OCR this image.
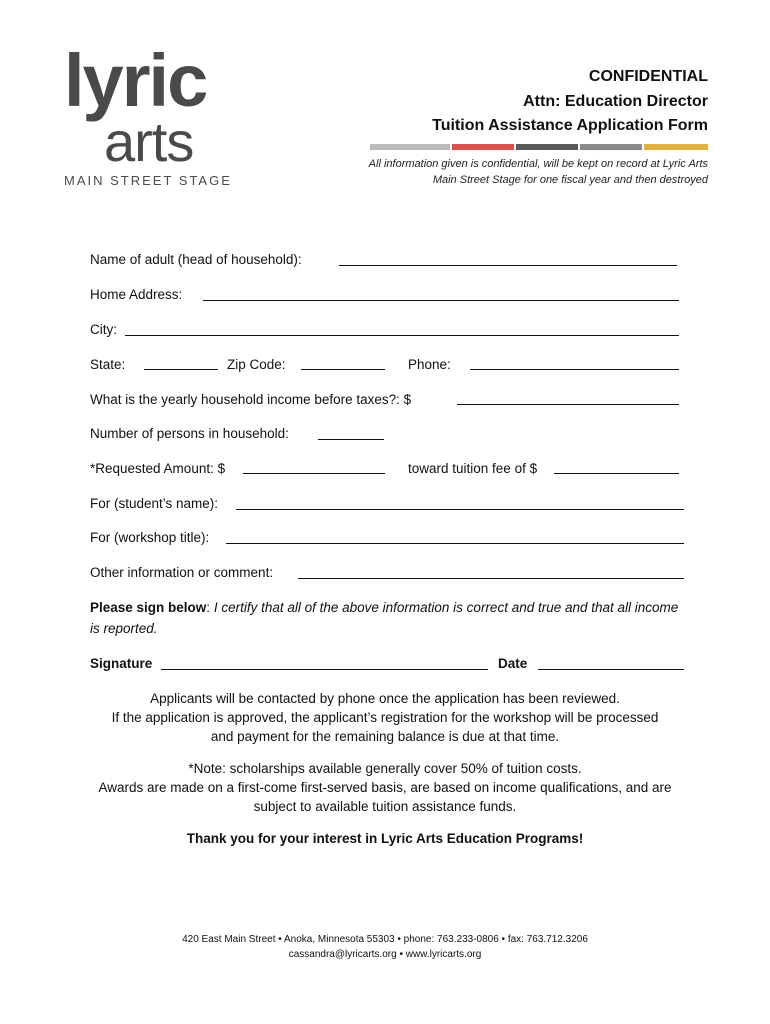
lyric
arts
MAIN STREET STAGE
CONFIDENTIAL
Attn: Education Director
Tuition Assistance Application Form
All information given is confidential, will be kept on record at Lyric Arts Main Street Stage for one fiscal year and then destroyed
Name of adult (head of household):
Home Address:
City:
State:	Zip Code:	Phone:
What is the yearly household income before taxes?: $
Number of persons in household:
*Requested Amount: $	toward tuition fee of $
For (student’s name):
For (workshop title):
Other information or comment:
Please sign below: I certify that all of the above information is correct and true and that all income is reported.
Signature	Date
Applicants will be contacted by phone once the application has been reviewed.
If the application is approved, the applicant’s registration for the workshop will be processed
and payment for the remaining balance is due at that time.
*Note: scholarships available generally cover 50% of tuition costs.
Awards are made on a first-come first-served basis, are based on income qualifications, and are
subject to available tuition assistance funds.
Thank you for your interest in Lyric Arts Education Programs!
420 East Main Street • Anoka, Minnesota 55303 • phone: 763.233-0806 • fax: 763.712.3206
cassandra@lyricarts.org • www.lyricarts.org
